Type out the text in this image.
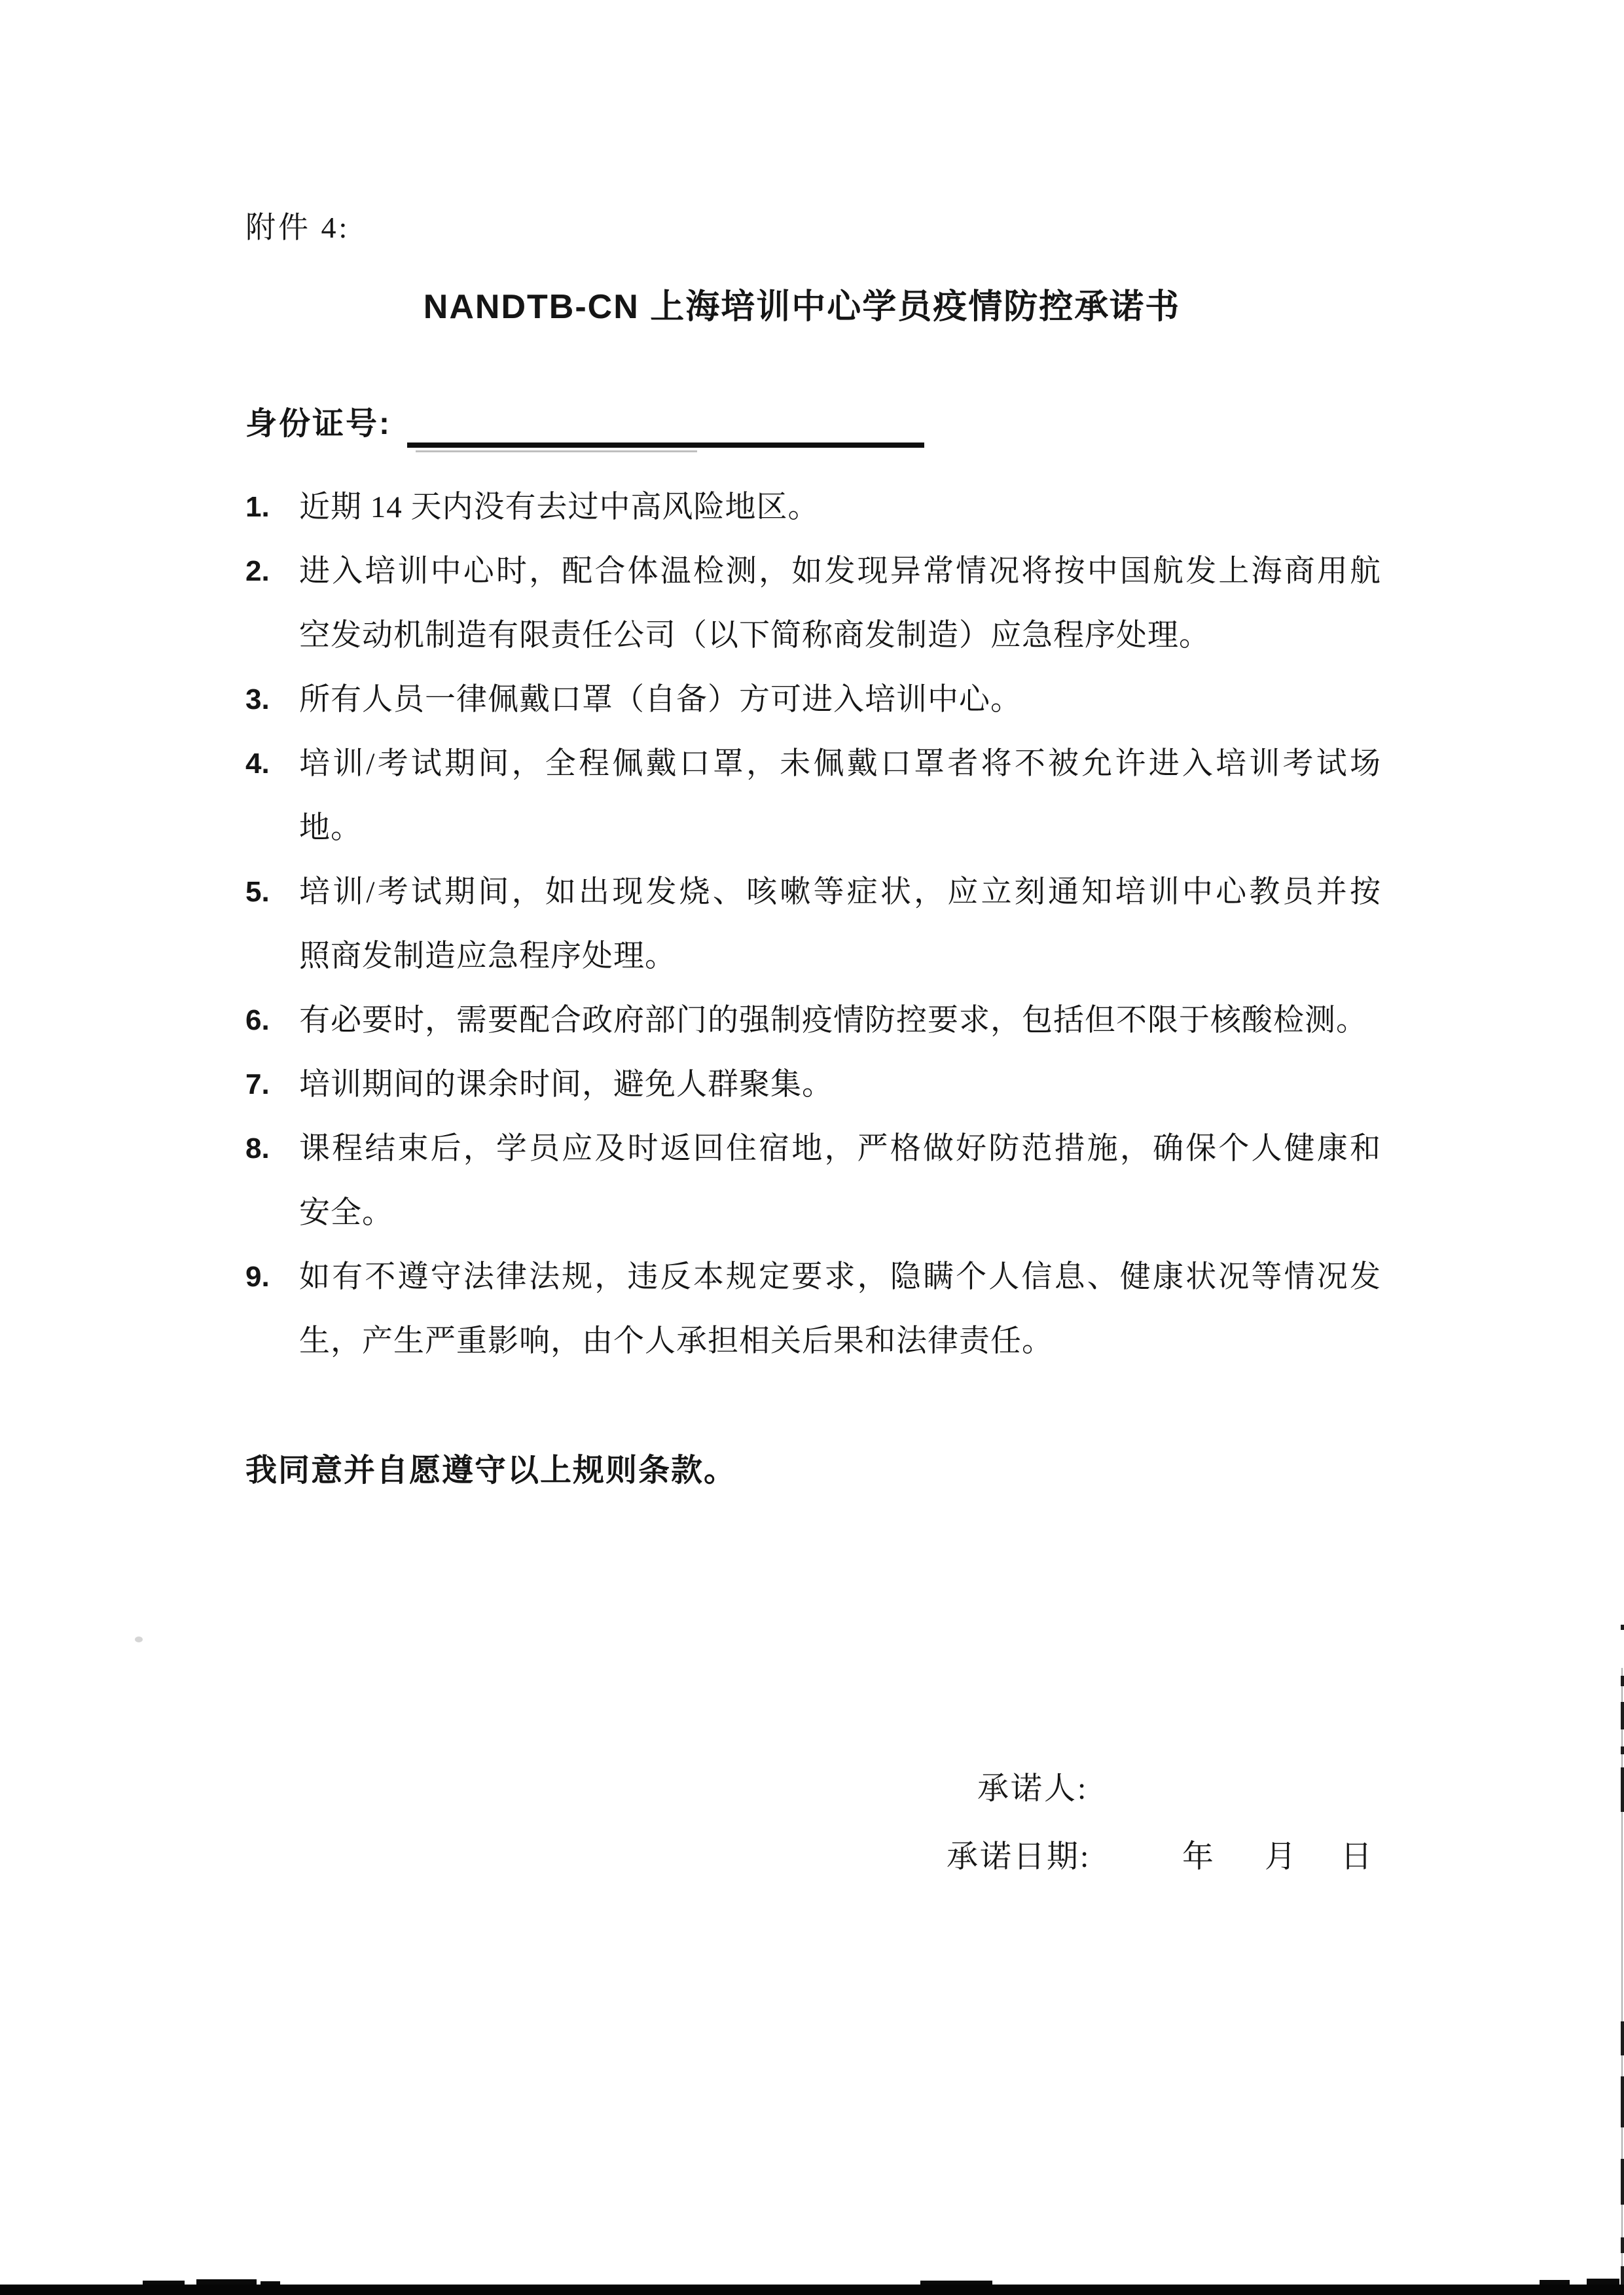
附件 4:
NANDTB-CN 上海培训中心学员疫情防控承诺书
身份证号:
1. 近期 14 天内没有去过中高风险地区。
2. 进入培训中心时，配合体温检测，如发现异常情况将按中国航发上海商用航
空发动机制造有限责任公司（以下简称商发制造）应急程序处理。
3. 所有人员一律佩戴口罩（自备）方可进入培训中心。
4. 培训/考试期间，全程佩戴口罩，未佩戴口罩者将不被允许进入培训考试场
地。
5. 培训/考试期间，如出现发烧、咳嗽等症状，应立刻通知培训中心教员并按
照商发制造应急程序处理。
6. 有必要时，需要配合政府部门的强制疫情防控要求，包括但不限于核酸检测。
7. 培训期间的课余时间，避免人群聚集。
8. 课程结束后，学员应及时返回住宿地，严格做好防范措施，确保个人健康和
安全。
9. 如有不遵守法律法规，违反本规定要求，隐瞒个人信息、健康状况等情况发
生，产生严重影响，由个人承担相关后果和法律责任。
我同意并自愿遵守以上规则条款。
承诺人:
承诺日期:	年 月 日
